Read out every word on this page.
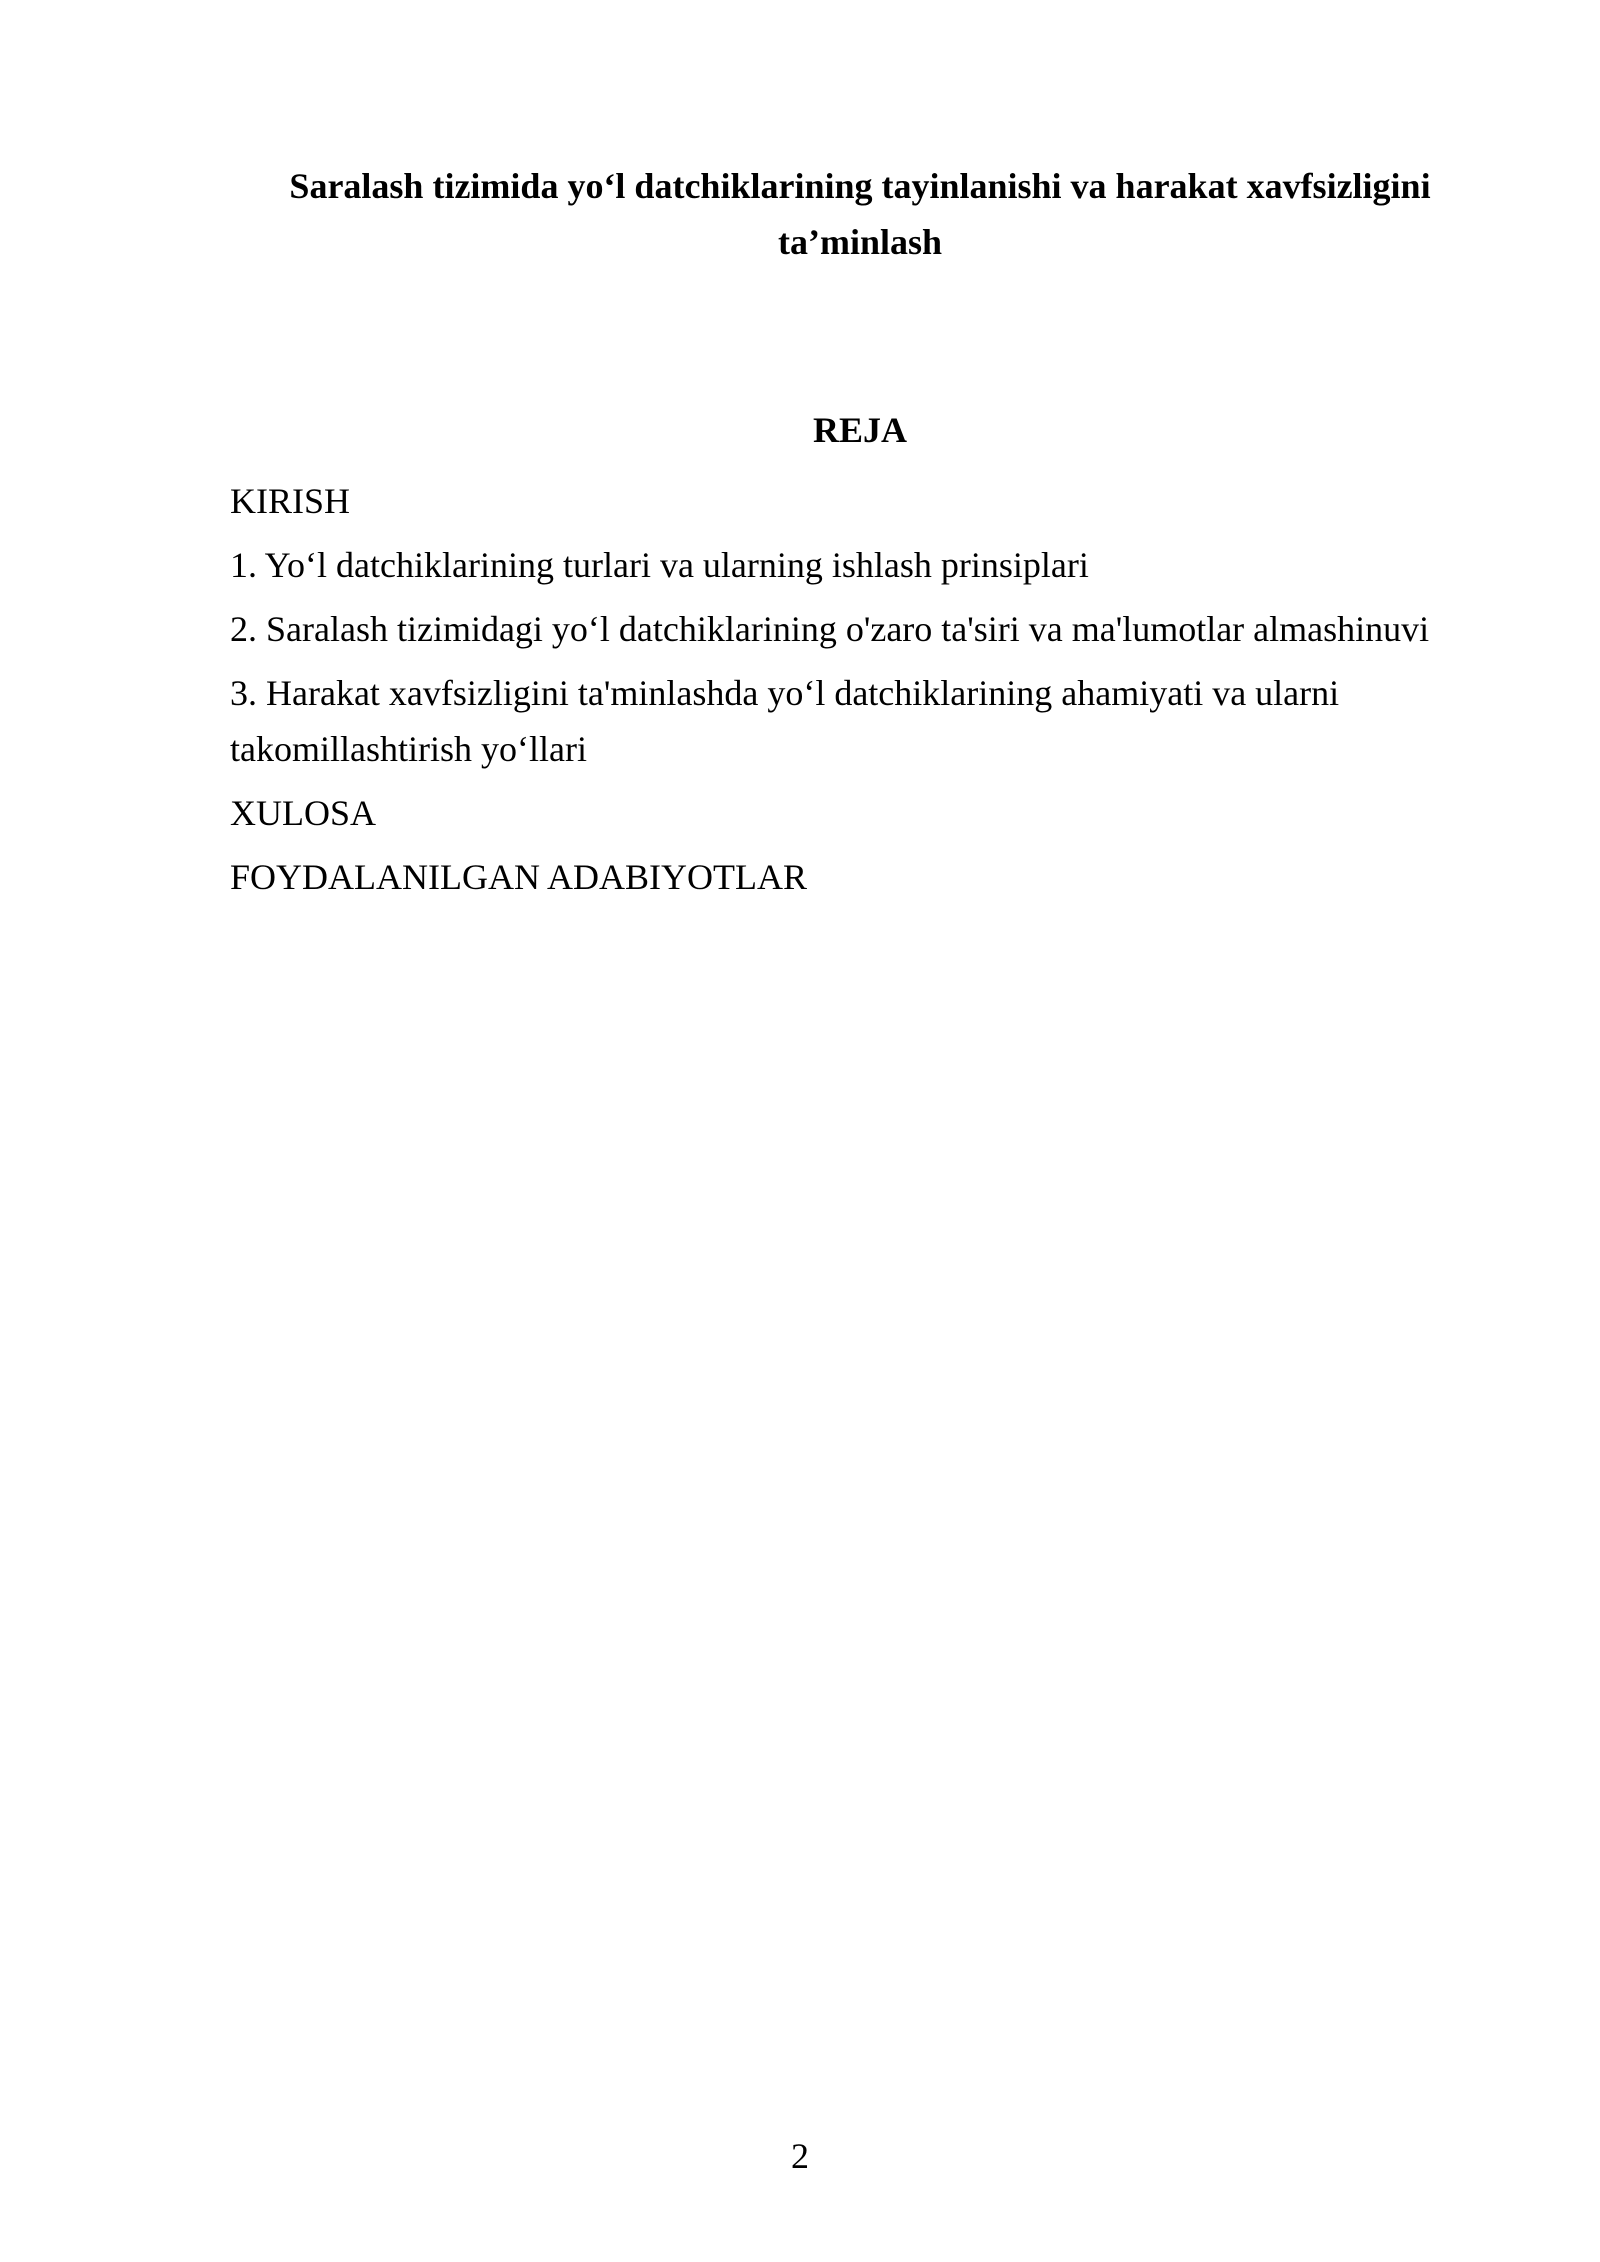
Saralash tizimida yo‘l datchiklarining tayinlanishi va harakat xavfsizligini
ta’minlash
REJA
KIRISH
1. Yo‘l datchiklarining turlari va ularning ishlash prinsiplari
2. Saralash tizimidagi yo‘l datchiklarining o'zaro ta'siri va ma'lumotlar almashinuvi
3. Harakat xavfsizligini ta'minlashda yo‘l datchiklarining ahamiyati va ularni takomillashtirish yo‘llari
XULOSA
FOYDALANILGAN ADABIYOTLAR
2
